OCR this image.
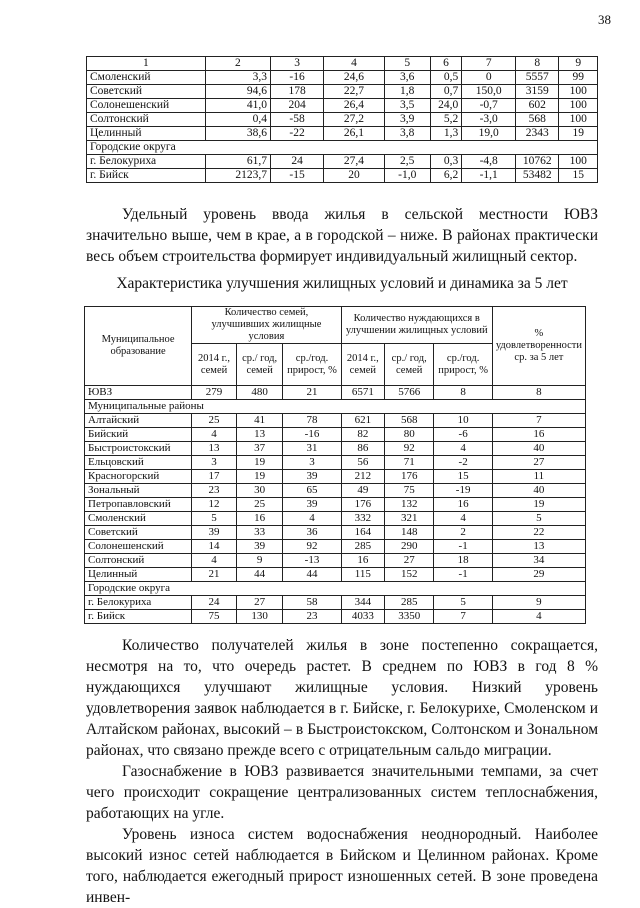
38
1	2	3	4	5	6	7	8	9
Смоленский	3,3	-16	24,6	3,6	0,5	0	5557	99
Советский	94,6	178	22,7	1,8	0,7	150,0	3159	100
Солонешенский	41,0	204	26,4	3,5	24,0	-0,7	602	100
Солтонский	0,4	-58	27,2	3,9	5,2	-3,0	568	100
Целинный	38,6	-22	26,1	3,8	1,3	19,0	2343	19
Городские округа								
г. Белокуриха	61,7	24	27,4	2,5	0,3	-4,8	10762	100
г. Бийск	2123,7	-15	20	-1,0	6,2	-1,1	53482	15

Удельный уровень ввода жилья в сельской местности ЮВЗ значительно выше, чем в крае, а в городской – ниже. В районах практически весь объем строительства формирует индивидуальный жилищный сектор.

Характеристика улучшения жилищных условий и динамика за 5 лет

Муниципальное образование	Количество семей, улучшивших жилищные условия			Количество нуждающихся в улучшении жилищных условий			% удовлетворенности ср. за 5 лет
	2014 г., семей	ср./ год, семей	ср./год. прирост, %	2014 г., семей	ср./ год, семей	ср./год. прирост, %	
ЮВЗ	279	480	21	6571	5766	8	8
Муниципальные районы							
Алтайский	25	41	78	621	568	10	7
Бийский	4	13	-16	82	80	-6	16
Быстроистокский	13	37	31	86	92	4	40
Ельцовский	3	19	3	56	71	-2	27
Красногорский	17	19	39	212	176	15	11
Зональный	23	30	65	49	75	-19	40
Петропавловский	12	25	39	176	132	16	19
Смоленский	5	16	4	332	321	4	5
Советский	39	33	36	164	148	2	22
Солонешенский	14	39	92	285	290	-1	13
Солтонский	4	9	-13	16	27	18	34
Целинный	21	44	44	115	152	-1	29
Городские округа							
г. Белокуриха	24	27	58	344	285	5	9
г. Бийск	75	130	23	4033	3350	7	4

Количество получателей жилья в зоне постепенно сокращается, несмотря на то, что очередь растет. В среднем по ЮВЗ в год 8 % нуждающихся улучшают жилищные условия. Низкий уровень удовлетворения заявок наблюдается в г. Бийске, г. Белокурихе, Смоленском и Алтайском районах, высокий – в Быстроистокском, Солтонском и Зональном районах, что связано прежде всего с отрицательным сальдо миграции.

Газоснабжение в ЮВЗ развивается значительными темпами, за счет чего происходит сокращение централизованных систем теплоснабжения, работающих на угле.

Уровень износа систем водоснабжения неоднородный. Наиболее высокий износ сетей наблюдается в Бийском и Целинном районах. Кроме того, наблюдается ежегодный прирост изношенных сетей. В зоне проведена инвен-
